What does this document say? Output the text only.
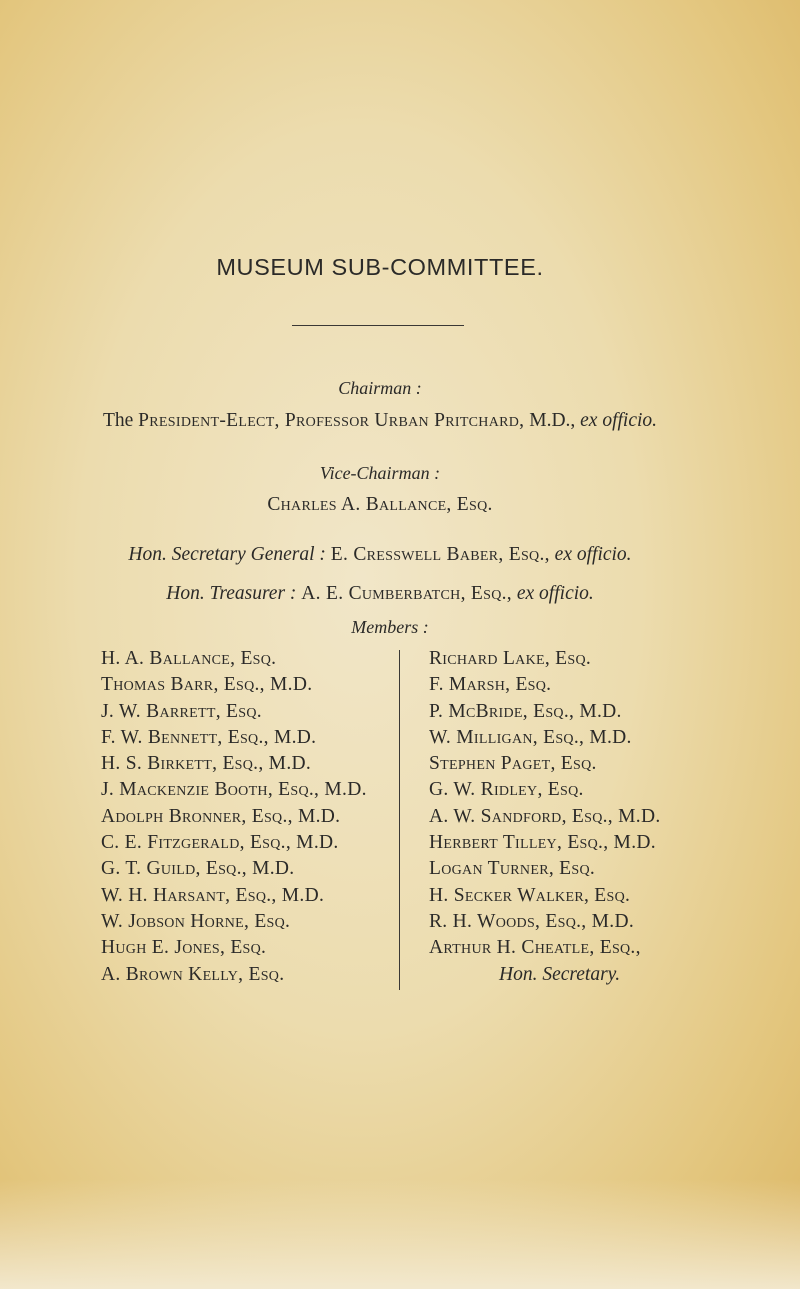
MUSEUM SUB-COMMITTEE.
Chairman :
The President-Elect, Professor Urban Pritchard, M.D., ex officio.
Vice-Chairman :
Charles A. Ballance, Esq.
Hon. Secretary General : E. Cresswell Baber, Esq., ex officio.
Hon. Treasurer : A. E. Cumberbatch, Esq., ex officio.
Members :
H. A. Ballance, Esq.
Thomas Barr, Esq., M.D.
J. W. Barrett, Esq.
F. W. Bennett, Esq., M.D.
H. S. Birkett, Esq., M.D.
J. Mackenzie Booth, Esq., M.D.
Adolph Bronner, Esq., M.D.
C. E. Fitzgerald, Esq., M.D.
G. T. Guild, Esq., M.D.
W. H. Harsant, Esq., M.D.
W. Jobson Horne, Esq.
Hugh E. Jones, Esq.
A. Brown Kelly, Esq.
Richard Lake, Esq.
F. Marsh, Esq.
P. McBride, Esq., M.D.
W. Milligan, Esq., M.D.
Stephen Paget, Esq.
G. W. Ridley, Esq.
A. W. Sandford, Esq., M.D.
Herbert Tilley, Esq., M.D.
Logan Turner, Esq.
H. Secker Walker, Esq.
R. H. Woods, Esq., M.D.
Arthur H. Cheatle, Esq.,
Hon. Secretary.
